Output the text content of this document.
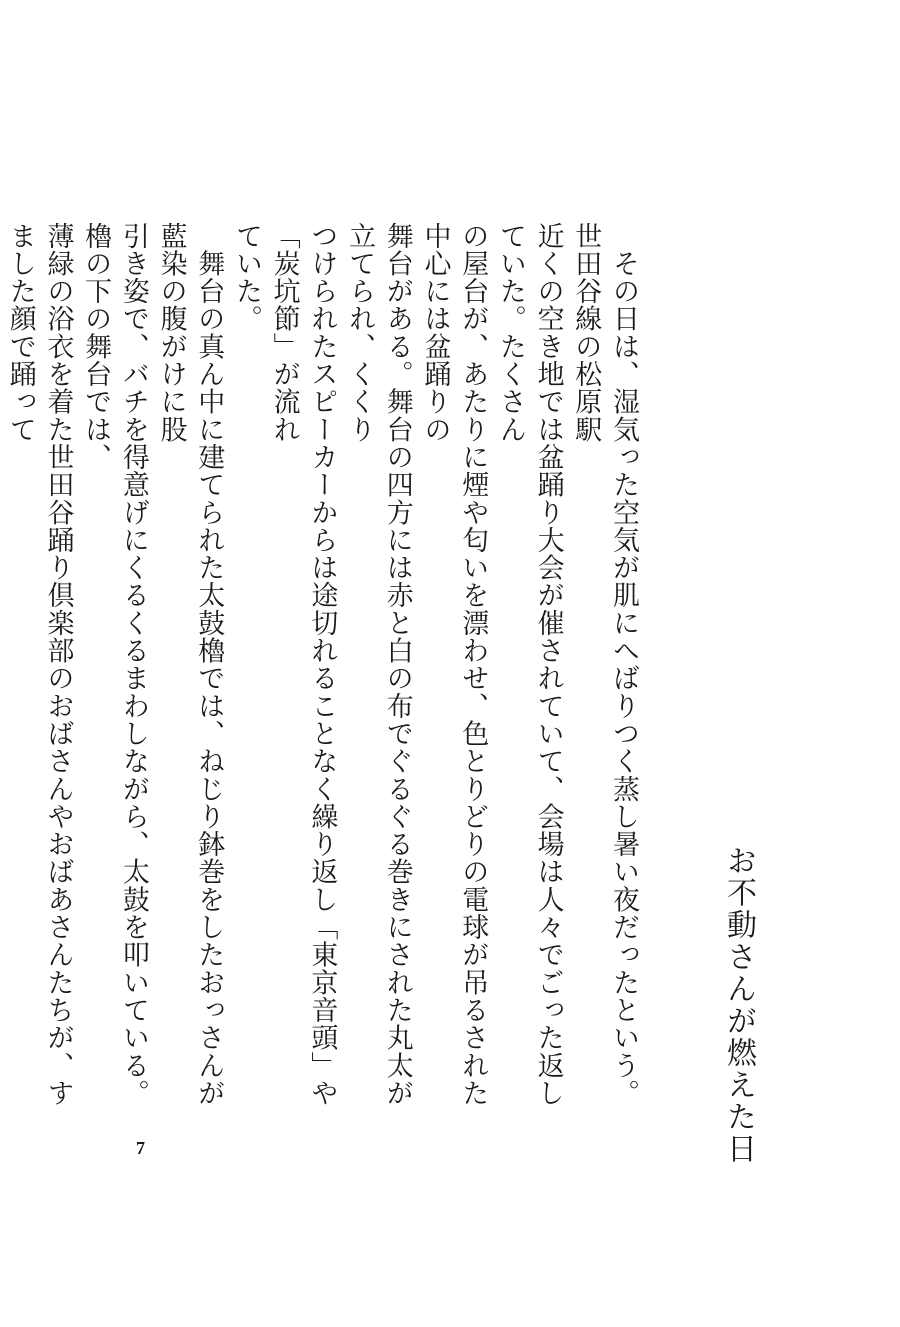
お不動さんが燃えた日
　その日は、湿気った空気が肌にへばりつく蒸し暑い夜だったという。世田谷線の松原駅
近くの空き地では盆踊り大会が催されていて、会場は人々でごった返していた。たくさん
の屋台が、あたりに煙や匂いを漂わせ、色とりどりの電球が吊るされた中心には盆踊りの
舞台がある。舞台の四方には赤と白の布でぐるぐる巻きにされた丸太が立てられ、くくり
つけられたスピーカーからは途切れることなく繰り返し「東京音頭」や「炭坑節」が流れ
ていた。
　舞台の真ん中に建てられた太鼓櫓では、ねじり鉢巻をしたおっさんが藍染の腹がけに股
引き姿で、バチを得意げにくるくるまわしながら、太鼓を叩いている。櫓の下の舞台では、
薄緑の浴衣を着た世田谷踊り倶楽部のおばさんやおばあさんたちが、すました顔で踊って
7
